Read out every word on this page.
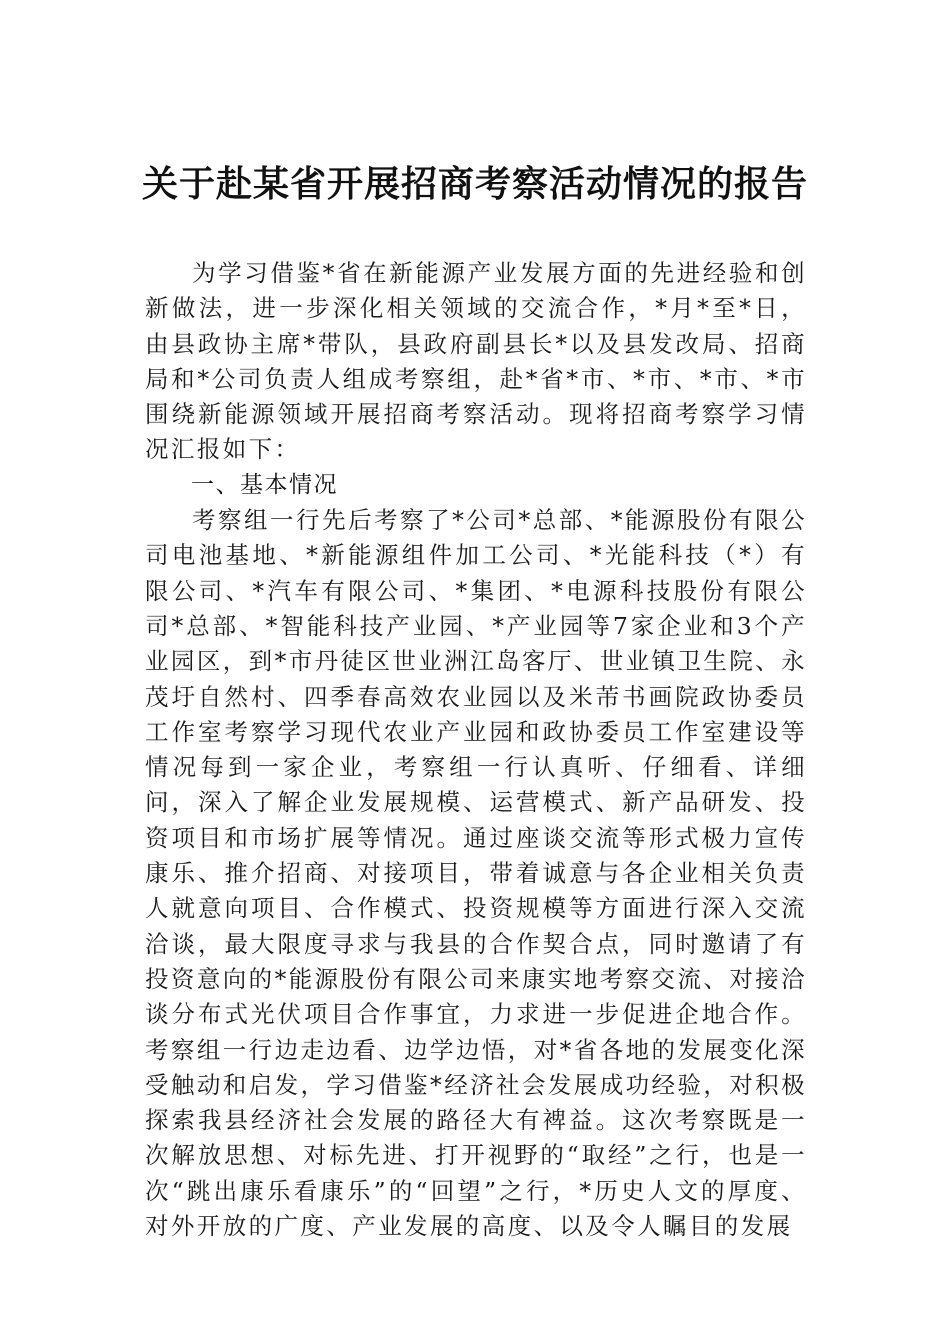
关于赴某省开展招商考察活动情况的报告

为学习借鉴*省在新能源产业发展方面的先进经验和创新做法，进一步深化相关领域的交流合作，*月*至*日，由县政协主席*带队，县政府副县长*以及县发改局、招商局和*公司负责人组成考察组，赴*省*市、*市、*市、*市围绕新能源领域开展招商考察活动。现将招商考察学习情况汇报如下：

一、基本情况

考察组一行先后考察了*公司*总部、*能源股份有限公司电池基地、*新能源组件加工公司、*光能科技（*）有限公司、*汽车有限公司、*集团、*电源科技股份有限公司*总部、*智能科技产业园、*产业园等7家企业和3个产业园区，到*市丹徒区世业洲江岛客厅、世业镇卫生院、永茂圩自然村、四季春高效农业园以及米芾书画院政协委员工作室考察学习现代农业产业园和政协委员工作室建设等情况每到一家企业，考察组一行认真听、仔细看、详细问，深入了解企业发展规模、运营模式、新产品研发、投资项目和市场扩展等情况。通过座谈交流等形式极力宣传康乐、推介招商、对接项目，带着诚意与各企业相关负责人就意向项目、合作模式、投资规模等方面进行深入交流洽谈，最大限度寻求与我县的合作契合点，同时邀请了有投资意向的*能源股份有限公司来康实地考察交流、对接洽谈分布式光伏项目合作事宜，力求进一步促进企地合作。考察组一行边走边看、边学边悟，对*省各地的发展变化深受触动和启发，学习借鉴*经济社会发展成功经验，对积极探索我县经济社会发展的路径大有裨益。这次考察既是一次解放思想、对标先进、打开视野的“取经”之行，也是一次“跳出康乐看康乐”的“回望”之行，*历史人文的厚度、对外开放的广度、产业发展的高度、以及令人瞩目的发展
